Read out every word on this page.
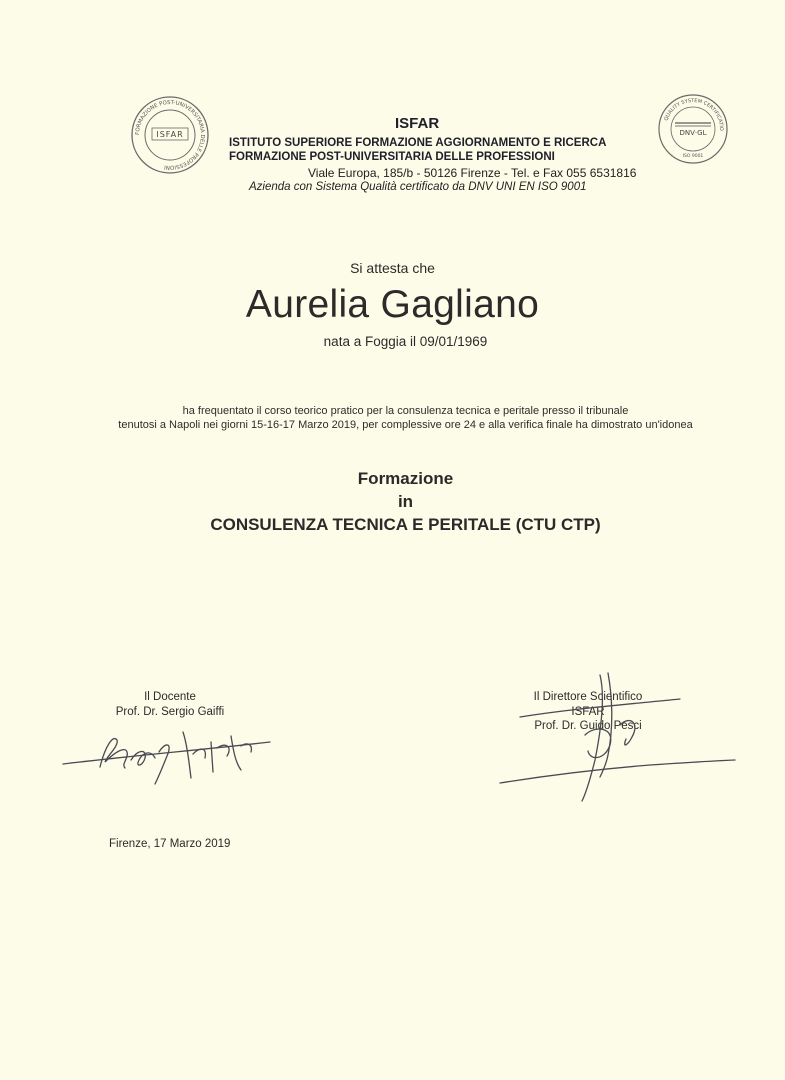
FORMAZIONE POST-UNIVERSITARIA DELLE PROFESSIONI
ISFAR
QUALITY SYSTEM CERTIFICATIO
DNV·GL
ISO 9001
ISFAR
ISTITUTO SUPERIORE FORMAZIONE AGGIORNAMENTO E RICERCA
FORMAZIONE POST-UNIVERSITARIA DELLE PROFESSIONI
Viale Europa, 185/b - 50126 Firenze - Tel. e Fax 055 6531816
Azienda con Sistema Qualità certificato da DNV UNI EN ISO 9001
Si attesta che
Aurelia Gagliano
nata a Foggia il 09/01/1969
ha frequentato il corso teorico pratico per la consulenza tecnica e peritale presso il tribunale
tenutosi a Napoli nei giorni 15-16-17 Marzo 2019, per complessive ore 24 e alla verifica finale ha dimostrato un'idonea
Formazione
in
CONSULENZA TECNICA E PERITALE (CTU CTP)
Il Docente
Prof. Dr. Sergio Gaiffi
Il Direttore Scientifico
ISFAR
Prof. Dr. Guido Pesci
Firenze, 17 Marzo 2019
